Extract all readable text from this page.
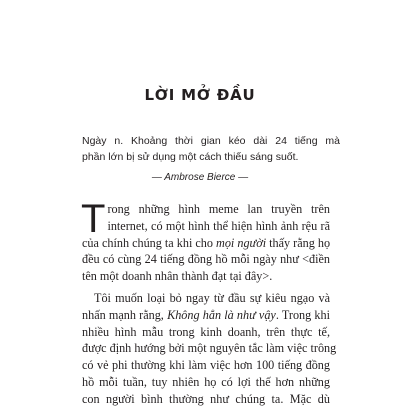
LỜI MỞ ĐẦU
Ngày n. Khoảng thời gian kéo dài 24 tiếng mà
phần lớn bị sử dụng một cách thiếu sáng suốt.
— Ambrose Bierce —
T rong những hình meme lan truyền trên
internet, có một hình thể hiện hình ảnh rệu rã
của chính chúng ta khi cho mọi người thấy rằng họ
đều có cùng 24 tiếng đồng hồ mỗi ngày như <điền
tên một doanh nhân thành đạt tại đây>.
Tôi muốn loại bỏ ngay từ đầu sự kiêu ngạo và
nhấn mạnh rằng, Không hẳn là như vậy. Trong khi
nhiều hình mẫu trong kinh doanh, trên thực tế,
được định hướng bởi một nguyên tắc làm việc trông
có vẻ phi thường khi làm việc hơn 100 tiếng đồng
hồ mỗi tuần, tuy nhiên họ có lợi thế hơn những
con người bình thường như chúng ta. Mặc dù
